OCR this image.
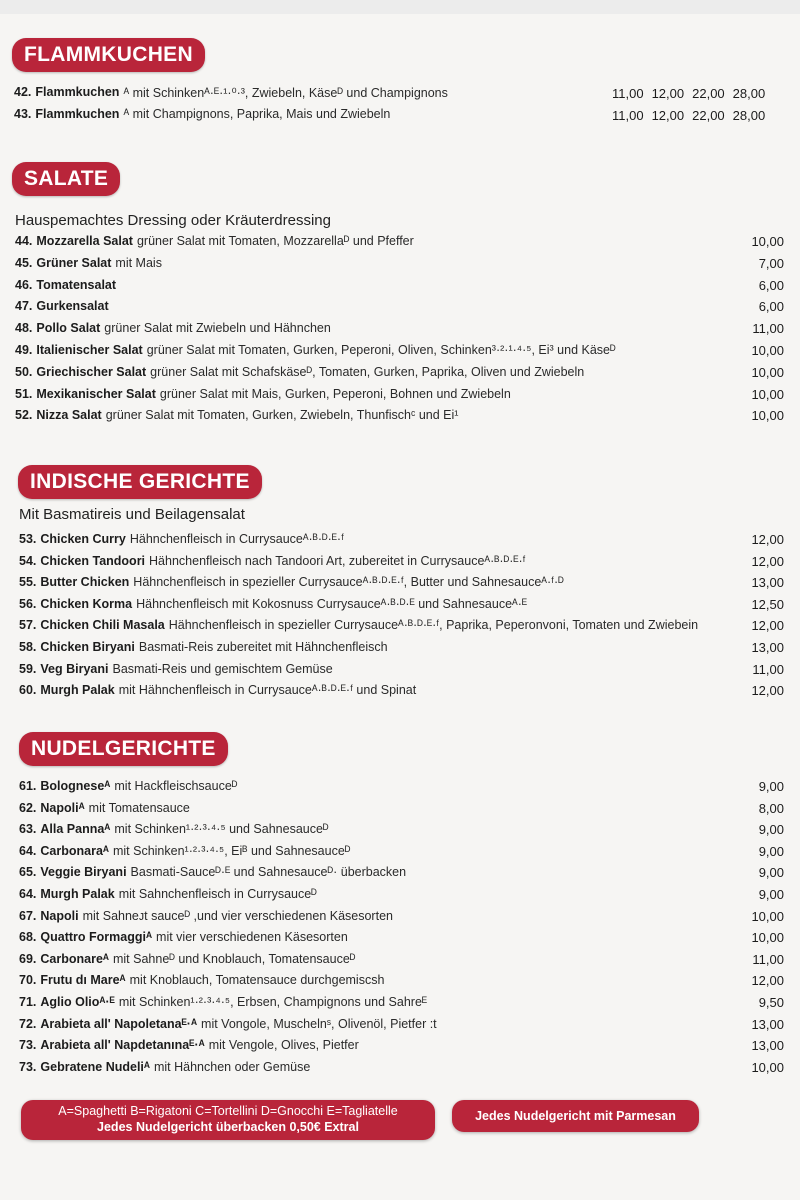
FLAMMKUCHEN
42. Flammkuchen ᴬ mit Schinkenᴬ·ᴱ·¹·⁰·³, Zwiebeln, Käseᴰ und Champignons	11,00 12,00 22,00 28,00
43. Flammkuchen ᴬ mit Champignons, Paprika, Mais und Zwiebeln	11,00 12,00 22,00 28,00
SALATE
Hauspemachtes Dressing oder Kräuterdressing
44. Mozzarella Salat grüner Salat mit Tomaten, Mozzarellaᴰ und Pfeffer	10,00
45. Grüner Salat mit Mais	7,00
46. Tomatensalat	6,00
47. Gurkensalat	6,00
48. Pollo Salat grüner Salat mit Zwiebeln und Hähnchen	11,00
49. Italienischer Salat grüner Salat mit Tomaten, Gurken, Peperoni, Oliven, Schinken³·²·¹·⁴·⁵, Ei³ und Käseᴰ	10,00
50. Griechischer Salat grüner Salat mit Schafskäseᴰ, Tomaten, Gurken, Paprika, Oliven und Zwiebeln	10,00
51. Mexikanischer Salat grüner Salat mit Mais, Gurken, Peperoni, Bohnen und Zwiebeln	10,00
52. Nizza Salat grüner Salat mit Tomaten, Gurken, Zwiebeln, Thunfischᶜ und Ei¹	10,00
INDISCHE GERICHTE
Mit Basmatireis und Beilagensalat
53. Chicken Curry Hähnchenfleisch in Currysauceᴬ·ᴮ·ᴰ·ᴱ·ᶠ	12,00
54. Chicken Tandoori Hähnchenfleisch nach Tandoori Art, zubereitet in Currysauceᴬ·ᴮ·ᴰ·ᴱ·ᶠ	12,00
55. Butter Chicken Hähnchenfleisch in spezieller Currysauceᴬ·ᴮ·ᴰ·ᴱ·ᶠ, Butter und Sahnesauceᴬ·ᶠ·ᴰ	13,00
56. Chicken Korma Hähnchenfleisch mit Kokosnuss Currysauceᴬ·ᴮ·ᴰ·ᴱ und Sahnesauceᴬ·ᴱ	12,50
57. Chicken Chili Masala Hähnchenfleisch in spezieller Currysauceᴬ·ᴮ·ᴰ·ᴱ·ᶠ, Paprika, Peperonvoni, Tomaten und Zwiebein	12,00
58. Chicken Biryani Basmati-Reis zubereitet mit Hähnchenfleisch	13,00
59. Veg Biryani Basmati-Reis und gemischtem Gemüse	11,00
60. Murgh Palak mit Hähnchenfleisch in Currysauceᴬ·ᴮ·ᴰ·ᴱ·ᶠ und Spinat	12,00
NUDELGERICHTE
61. Bologneseᴬ mit Hackfleischsauceᴰ	9,00
62. Napoliᴬ mit Tomatensauce	8,00
63. Alla Pannaᴬ mit Schinken¹·²·³·⁴·⁵ und Sahnesauceᴰ	9,00
64. Carbonaraᴬ mit Schinken¹·²·³·⁴·⁵, Eiᴮ und Sahnesauceᴰ	9,00
65. Veggie Biryani Basmati-Sauceᴰ·ᴱ und Sahnesauceᴰ· überbacken	9,00
64. Murgh Palak mit Sahnchenfleisch in Currysauceᴰ	9,00
67. Napoli mit Sahneᴊt sauceᴰ ,und vier verschiedenen Käsesorten	10,00
68. Quattro Formaggiᴬ mit vier verschiedenen Käsesorten	10,00
69. Carbonareᴬ mit Sahneᴰ und Knoblauch, Tomatensauceᴰ	11,00
70. Frutu dı Mareᴬ mit Knoblauch, Tomatensauce durchgemiscsh	12,00
71. Aglio Olioᴬ·ᴱ mit Schinken¹·²·³·⁴·⁵, Erbsen, Champignons und Sahreᴱ	9,50
72. Arabieta all' Napoletanaᴱ·ᴬ mit Vongole, Muschelnˢ, Olivenöl, Pietfer :t	13,00
73. Arabieta all' Napdetanınaᴱ·ᴬ mit Vengole, Olives, Pietfer	13,00
73. Gebratene Nudeliᴬ mit Hähnchen oder Gemüse	10,00
A=Spaghetti B=Rigatoni C=Tortellini D=Gnocchi E=Tagliatelle
Jedes Nudelgericht überbacken 0,50€ Extral
Jedes Nudelgericht mit Parmesan
